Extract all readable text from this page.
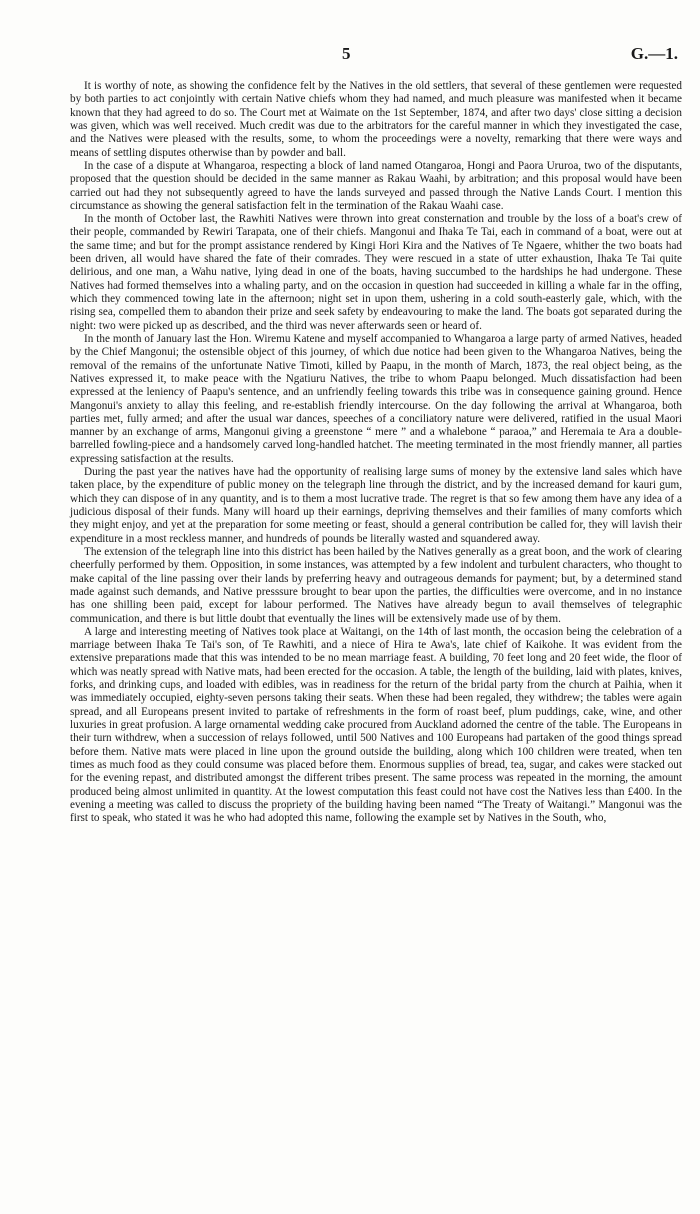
5	G.—1.

It is worthy of note, as showing the confidence felt by the Natives in the old settlers, that several of these gentlemen were requested by both parties to act conjointly with certain Native chiefs whom they had named, and much pleasure was manifested when it became known that they had agreed to do so. The Court met at Waimate on the 1st September, 1874, and after two days' close sitting a decision was given, which was well received. Much credit was due to the arbitrators for the careful manner in which they investigated the case, and the Natives were pleased with the results, some, to whom the proceedings were a novelty, remarking that there were ways and means of settling disputes otherwise than by powder and ball.

In the case of a dispute at Whangaroa, respecting a block of land named Otangaroa, Hongi and Paora Ururoa, two of the disputants, proposed that the question should be decided in the same manner as Rakau Waahi, by arbitration; and this proposal would have been carried out had they not subsequently agreed to have the lands surveyed and passed through the Native Lands Court. I mention this circumstance as showing the general satisfaction felt in the termination of the Rakau Waahi case.

In the month of October last, the Rawhiti Natives were thrown into great consternation and trouble by the loss of a boat's crew of their people, commanded by Rewiri Tarapata, one of their chiefs. Mangonui and Ihaka Te Tai, each in command of a boat, were out at the same time; and but for the prompt assistance rendered by Kingi Hori Kira and the Natives of Te Ngaere, whither the two boats had been driven, all would have shared the fate of their comrades. They were rescued in a state of utter exhaustion, Ihaka Te Tai quite delirious, and one man, a Wahu native, lying dead in one of the boats, having succumbed to the hardships he had undergone. These Natives had formed themselves into a whaling party, and on the occasion in question had succeeded in killing a whale far in the offing, which they commenced towing late in the afternoon; night set in upon them, ushering in a cold south-easterly gale, which, with the rising sea, compelled them to abandon their prize and seek safety by endeavouring to make the land. The boats got separated during the night: two were picked up as described, and the third was never afterwards seen or heard of.

In the month of January last the Hon. Wiremu Katene and myself accompanied to Whangaroa a large party of armed Natives, headed by the Chief Mangonui; the ostensible object of this journey, of which due notice had been given to the Whangaroa Natives, being the removal of the remains of the unfortunate Native Timoti, killed by Paapu, in the month of March, 1873, the real object being, as the Natives expressed it, to make peace with the Ngatiuru Natives, the tribe to whom Paapu belonged. Much dissatisfaction had been expressed at the leniency of Paapu's sentence, and an unfriendly feeling towards this tribe was in consequence gaining ground. Hence Mangonui's anxiety to allay this feeling, and re-establish friendly intercourse. On the day following the arrival at Whangaroa, both parties met, fully armed; and after the usual war dances, speeches of a conciliatory nature were delivered, ratified in the usual Maori manner by an exchange of arms, Mangonui giving a greenstone “ mere ” and a whalebone “ paraoa,” and Heremaia te Ara a double-barrelled fowling-piece and a handsomely carved long-handled hatchet. The meeting terminated in the most friendly manner, all parties expressing satisfaction at the results.

During the past year the natives have had the opportunity of realising large sums of money by the extensive land sales which have taken place, by the expenditure of public money on the telegraph line through the district, and by the increased demand for kauri gum, which they can dispose of in any quantity, and is to them a most lucrative trade. The regret is that so few among them have any idea of a judicious disposal of their funds. Many will hoard up their earnings, depriving themselves and their families of many comforts which they might enjoy, and yet at the preparation for some meeting or feast, should a general contribution be called for, they will lavish their expenditure in a most reckless manner, and hundreds of pounds be literally wasted and squandered away.

The extension of the telegraph line into this district has been hailed by the Natives generally as a great boon, and the work of clearing cheerfully performed by them. Opposition, in some instances, was attempted by a few indolent and turbulent characters, who thought to make capital of the line passing over their lands by preferring heavy and outrageous demands for payment; but, by a determined stand made against such demands, and Native presssure brought to bear upon the parties, the difficulties were overcome, and in no instance has one shilling been paid, except for labour performed. The Natives have already begun to avail themselves of telegraphic communication, and there is but little doubt that eventually the lines will be extensively made use of by them.

A large and interesting meeting of Natives took place at Waitangi, on the 14th of last month, the occasion being the celebration of a marriage between Ihaka Te Tai's son, of Te Rawhiti, and a niece of Hira te Awa's, late chief of Kaikohe. It was evident from the extensive preparations made that this was intended to be no mean marriage feast. A building, 70 feet long and 20 feet wide, the floor of which was neatly spread with Native mats, had been erected for the occasion. A table, the length of the building, laid with plates, knives, forks, and drinking cups, and loaded with edibles, was in readiness for the return of the bridal party from the church at Paihia, when it was immediately occupied, eighty-seven persons taking their seats. When these had been regaled, they withdrew; the tables were again spread, and all Europeans present invited to partake of refreshments in the form of roast beef, plum puddings, cake, wine, and other luxuries in great profusion. A large ornamental wedding cake procured from Auckland adorned the centre of the table. The Europeans in their turn withdrew, when a succession of relays followed, until 500 Natives and 100 Europeans had partaken of the good things spread before them. Native mats were placed in line upon the ground outside the building, along which 100 children were treated, when ten times as much food as they could consume was placed before them. Enormous supplies of bread, tea, sugar, and cakes were stacked out for the evening repast, and distributed amongst the different tribes present. The same process was repeated in the morning, the amount produced being almost unlimited in quantity. At the lowest computation this feast could not have cost the Natives less than £400. In the evening a meeting was called to discuss the propriety of the building having been named “The Treaty of Waitangi.” Mangonui was the first to speak, who stated it was he who had adopted this name, following the example set by Natives in the South, who,
